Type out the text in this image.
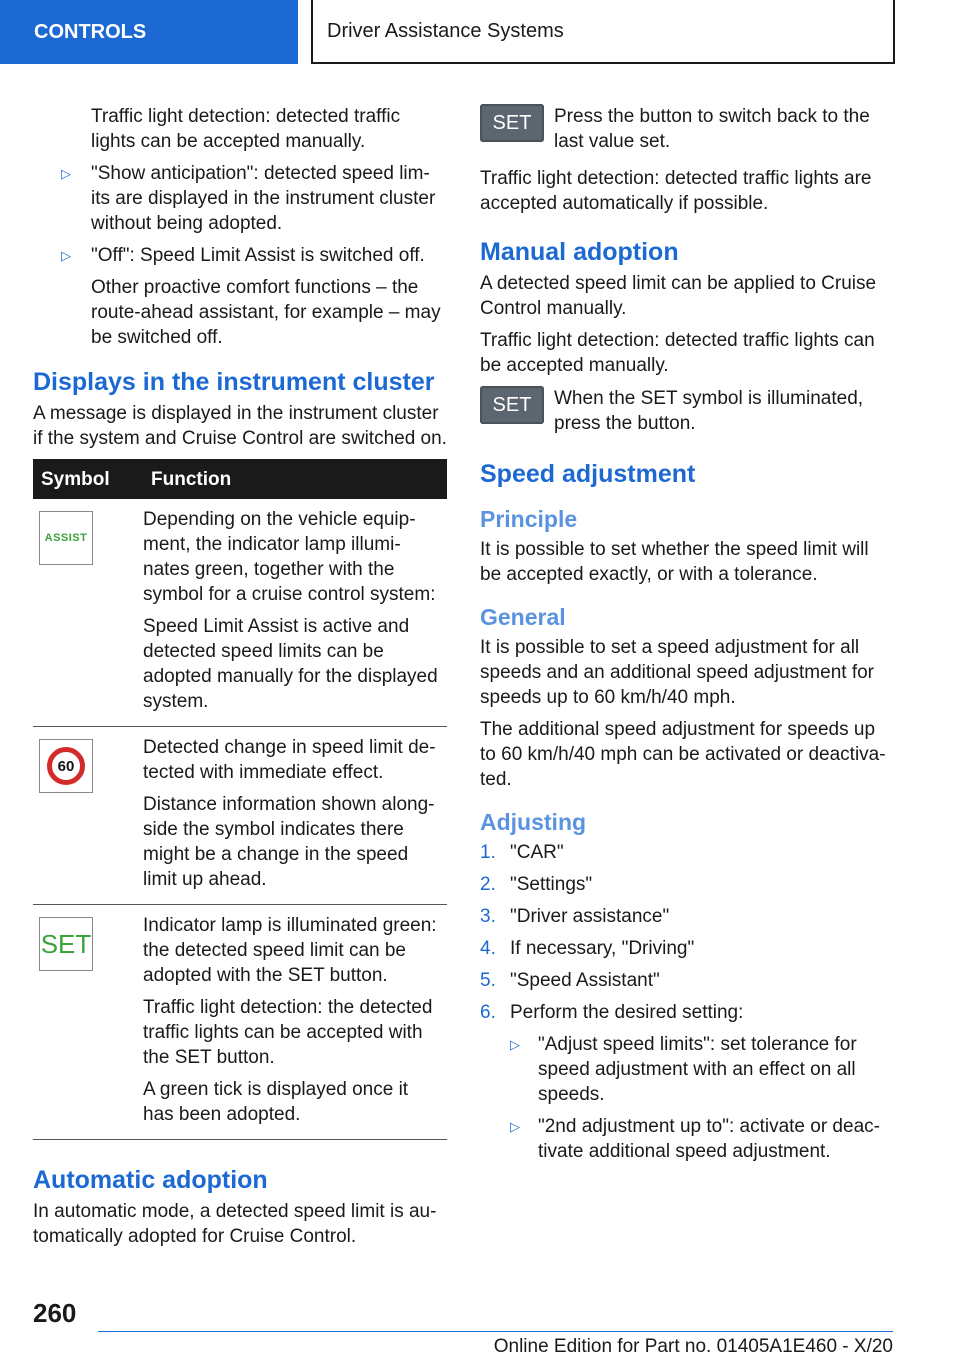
CONTROLS	Driver Assistance Systems

Traffic light detection: detected traffic lights can be accepted manually.

▷	"Show anticipation": detected speed lim-its are displayed in the instrument cluster without being adopted.
▷	"Off": Speed Limit Assist is switched off.

Other proactive comfort functions – the route-ahead assistant, for example – may be switched off.

Displays in the instrument cluster

A message is displayed in the instrument cluster if the system and Cruise Control are switched on.

Symbol	Function

ASSIST	Depending on the vehicle equip-ment, the indicator lamp illumi-nates green, together with the symbol for a cruise control system:

Speed Limit Assist is active and detected speed limits can be adopted manually for the displayed system.

60	Detected change in speed limit de-tected with immediate effect.

Distance information shown along-side the symbol indicates there might be a change in the speed limit up ahead.

SET	Indicator lamp is illuminated green: the detected speed limit can be adopted with the SET button.

Traffic light detection: the detected traffic lights can be accepted with the SET button.

A green tick is displayed once it has been adopted.

Automatic adoption

In automatic mode, a detected speed limit is au-tomatically adopted for Cruise Control.

SET	Press the button to switch back to the last value set.

Traffic light detection: detected traffic lights are accepted automatically if possible.

Manual adoption

A detected speed limit can be applied to Cruise Control manually.

Traffic light detection: detected traffic lights can be accepted manually.

SET	When the SET symbol is illuminated, press the button.
Speed adjustment
Principle

It is possible to set whether the speed limit will be accepted exactly, or with a tolerance.

General

It is possible to set a speed adjustment for all speeds and an additional speed adjustment for speeds up to 60 km/h/40 mph.

The additional speed adjustment for speeds up to 60 km/h/40 mph can be activated or deactiva-ted.

Adjusting
1. "CAR"
2. "Settings"
3. "Driver assistance"
4. If necessary, "Driving"
5. "Speed Assistant"
6. Perform the desired setting:
▷ "Adjust speed limits": set tolerance for speed adjustment with an effect on all speeds.
▷ "2nd adjustment up to": activate or deac-tivate additional speed adjustment.
260
Online Edition for Part no. 01405A1E460 - X/20
